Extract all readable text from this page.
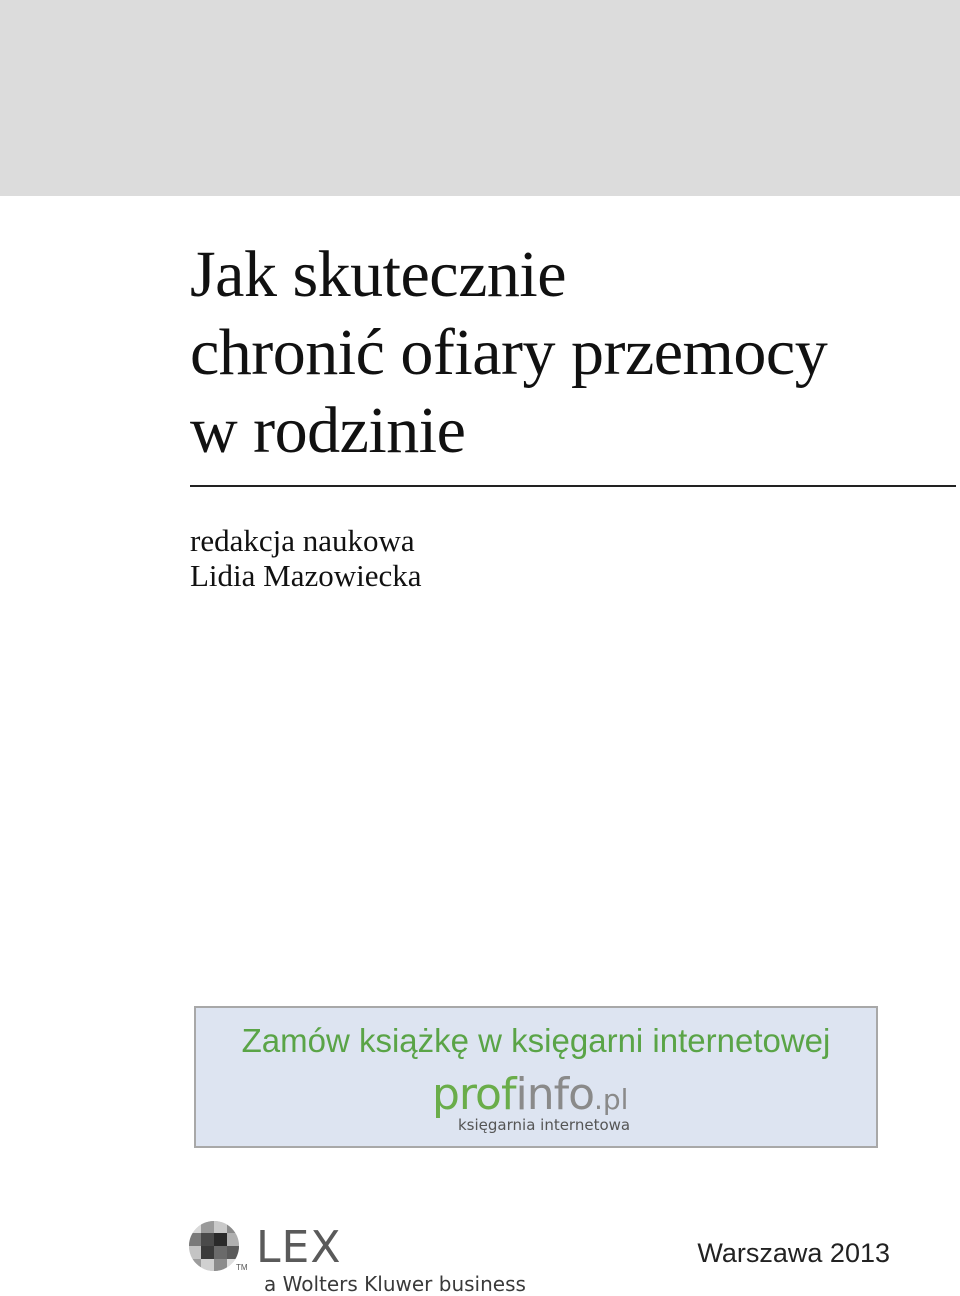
Jak skutecznie
chronić ofiary przemocy
w rodzinie
redakcja naukowa
Lidia Mazowiecka
Zamów książkę w księgarni internetowej
profinfo.pl
księgarnia internetowa
TM LEX
a Wolters Kluwer business
Warszawa 2013
